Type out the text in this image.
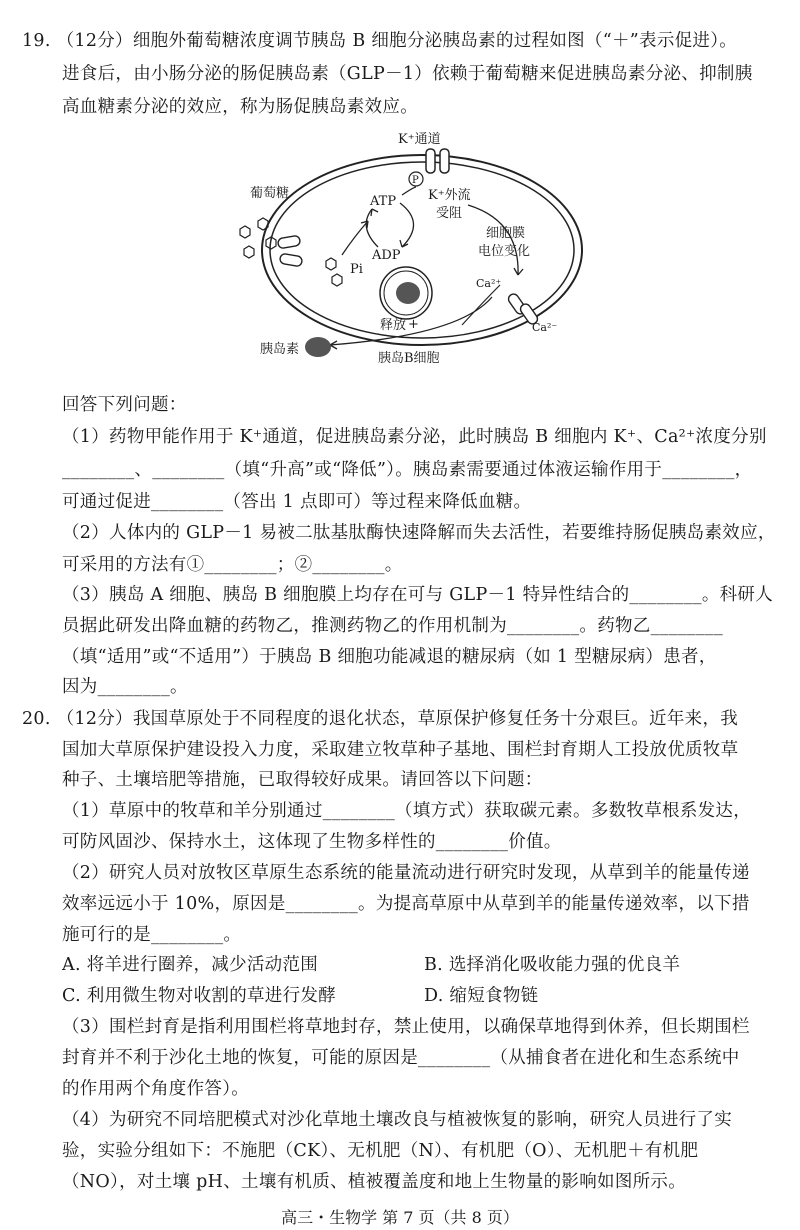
19. （12分）细胞外葡萄糖浓度调节胰岛 B 细胞分泌胰岛素的过程如图（“＋”表示促进）。
进食后，由小肠分泌的肠促胰岛素（GLP－1）依赖于葡萄糖来促进胰岛素分泌、抑制胰
高血糖素分泌的效应，称为肠促胰岛素效应。
K⁺通道
P
K⁺外流
受阻
葡萄糖
ATP
ADP
Pi
细胞膜
电位变化
Ca²⁺
Ca²⁻
释放 +
胰岛素
胰岛B细胞
回答下列问题：
（1）药物甲能作用于 K⁺通道，促进胰岛素分泌，此时胰岛 B 细胞内 K⁺、Ca²⁺浓度分别
________、________（填“升高”或“降低”）。胰岛素需要通过体液运输作用于________，
可通过促进________（答出 1 点即可）等过程来降低血糖。
（2）人体内的 GLP－1 易被二肽基肽酶快速降解而失去活性，若要维持肠促胰岛素效应，
可采用的方法有①________；②________。
（3）胰岛 A 细胞、胰岛 B 细胞膜上均存在可与 GLP－1 特异性结合的________。科研人
员据此研发出降血糖的药物乙，推测药物乙的作用机制为________。药物乙________
（填“适用”或“不适用”）于胰岛 B 细胞功能减退的糖尿病（如 1 型糖尿病）患者，
因为________。
20. （12分）我国草原处于不同程度的退化状态，草原保护修复任务十分艰巨。近年来，我
国加大草原保护建设投入力度，采取建立牧草种子基地、围栏封育期人工投放优质牧草
种子、土壤培肥等措施，已取得较好成果。请回答以下问题：
（1）草原中的牧草和羊分别通过________（填方式）获取碳元素。多数牧草根系发达，
可防风固沙、保持水土，这体现了生物多样性的________价值。
（2）研究人员对放牧区草原生态系统的能量流动进行研究时发现，从草到羊的能量传递
效率远远小于 10%，原因是________。为提高草原中从草到羊的能量传递效率，以下措
施可行的是________。
A. 将羊进行圈养，减少活动范围	B. 选择消化吸收能力强的优良羊
C. 利用微生物对收割的草进行发酵	D. 缩短食物链
（3）围栏封育是指利用围栏将草地封存，禁止使用，以确保草地得到休养，但长期围栏
封育并不利于沙化土地的恢复，可能的原因是________（从捕食者在进化和生态系统中
的作用两个角度作答）。
（4）为研究不同培肥模式对沙化草地土壤改良与植被恢复的影响，研究人员进行了实
验，实验分组如下：不施肥（CK）、无机肥（N）、有机肥（O）、无机肥＋有机肥
（NO），对土壤 pH、土壤有机质、植被覆盖度和地上生物量的影响如图所示。
高三・生物学 第 7 页（共 8 页）
